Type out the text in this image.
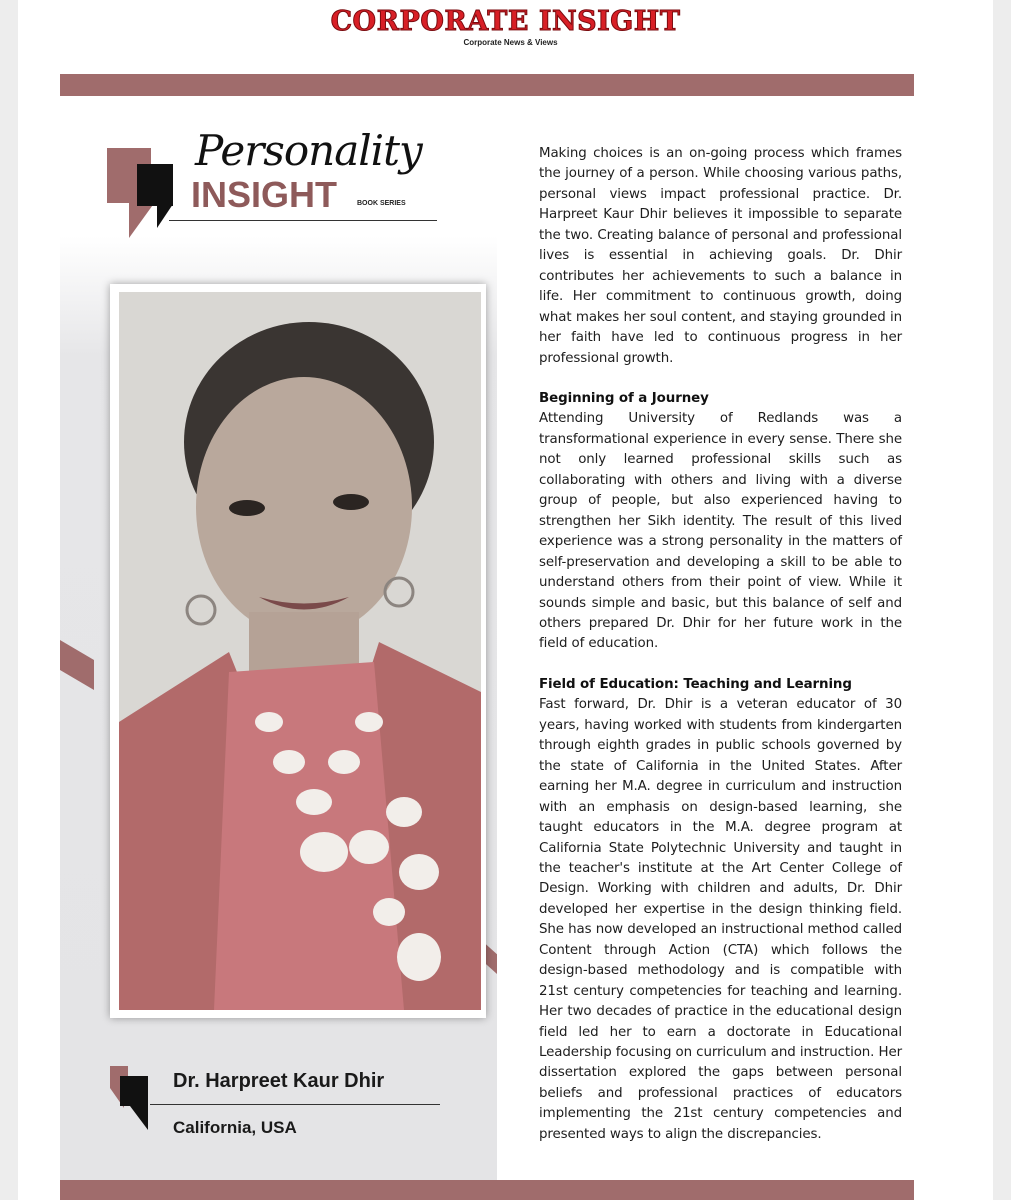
CORPORATE INSIGHT
Corporate News & Views
Personality
INSIGHT	BOOK SERIES
Dr. Harpreet Kaur Dhir
California, USA

Making choices is an on-going process which frames the journey of a person. While choosing various paths, personal views impact professional practice. Dr. Harpreet Kaur Dhir believes it impossible to separate the two. Creating balance of personal and professional lives is essential in achieving goals. Dr. Dhir contributes her achievements to such a balance in life. Her commitment to continuous growth, doing what makes her soul content, and staying grounded in her faith have led to continuous progress in her professional growth.

Beginning of a Journey

Attending University of Redlands was a transformational experience in every sense. There she not only learned professional skills such as collaborating with others and living with a diverse group of people, but also experienced having to strengthen her Sikh identity. The result of this lived experience was a strong personality in the matters of self-preservation and developing a skill to be able to understand others from their point of view. While it sounds simple and basic, but this balance of self and others prepared Dr. Dhir for her future work in the field of education.

Field of Education: Teaching and Learning

Fast forward, Dr. Dhir is a veteran educator of 30 years, having worked with students from kindergarten through eighth grades in public schools governed by the state of California in the United States. After earning her M.A. degree in curriculum and instruction with an emphasis on design-based learning, she taught educators in the M.A. degree program at California State Polytechnic University and taught in the teacher's institute at the Art Center College of Design. Working with children and adults, Dr. Dhir developed her expertise in the design thinking field. She has now developed an instructional method called Content through Action (CTA) which follows the design-based methodology and is compatible with 21st century competencies for teaching and learning. Her two decades of practice in the educational design field led her to earn a doctorate in Educational Leadership focusing on curriculum and instruction. Her dissertation explored the gaps between personal beliefs and professional practices of educators implementing the 21st century competencies and presented ways to align the discrepancies.
